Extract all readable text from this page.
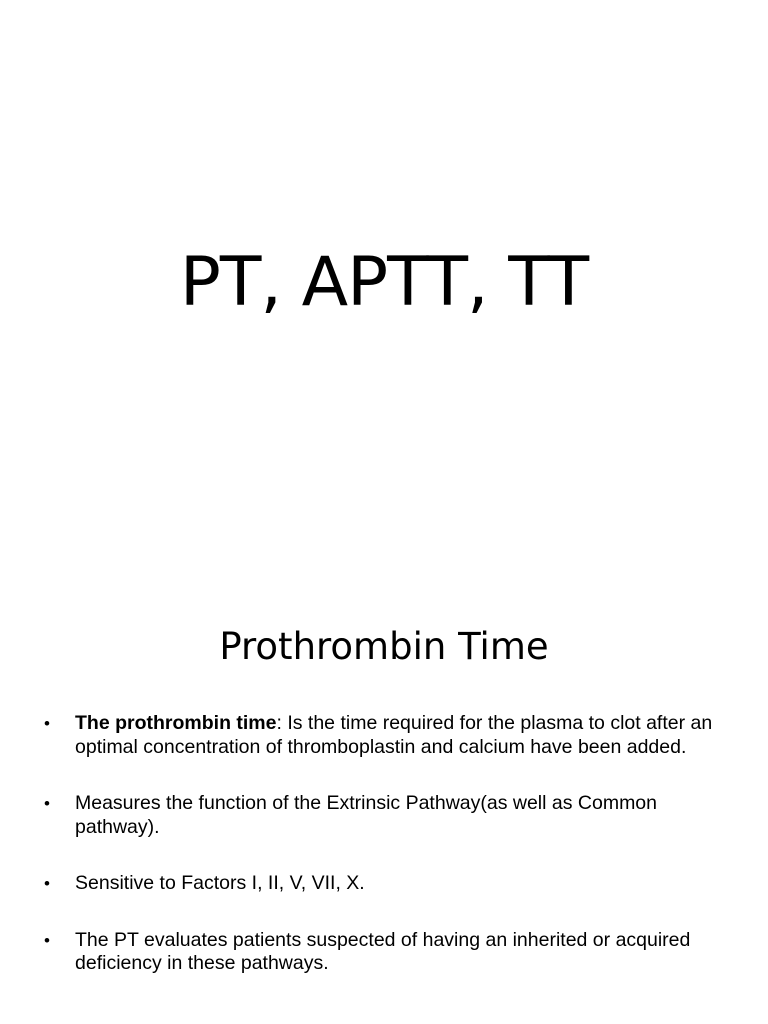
PT, APTT, TT
Prothrombin Time
• The prothrombin time: Is the time required for the plasma to clot after an optimal concentration of thromboplastin and calcium have been added.
• Measures the function of the Extrinsic Pathway(as well as Common pathway).
• Sensitive to Factors I, II, V, VII, X.
• The PT evaluates patients suspected of having an inherited or acquired deficiency in these pathways.
